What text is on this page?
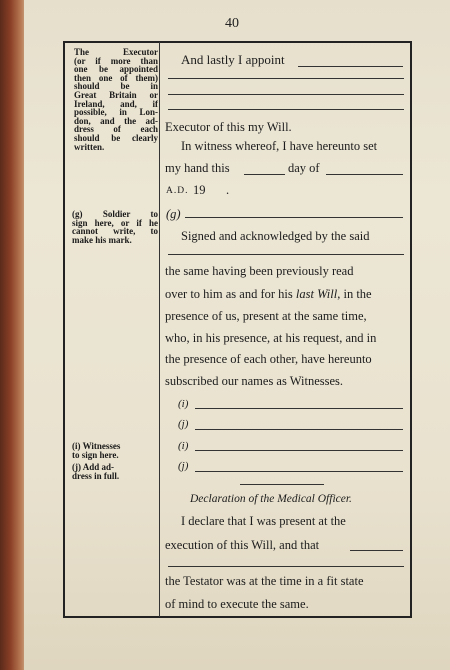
40
The Executor
(or if more than
one be appointed
then one of them)
should be in
Great Britain or
Ireland, and, if
possible, in Lon-
don, and the ad-
dress of each
should be clearly
written.
(g) Soldier to
sign here, or if he
cannot write, to
make his mark.
(i) Witnesses
to sign here.
(j) Add ad-
dress in full.
And lastly I appoint
Executor of this my Will.
In witness whereof, I have hereunto set
my hand this	day of
A.D. 19 .
(g)
Signed and acknowledged by the said
the same having been previously read
over to him as and for his last Will, in the
presence of us, present at the same time,
who, in his presence, at his request, and in
the presence of each other, have hereunto
subscribed our names as Witnesses.
(i)
(j)
(i)
(j)
Declaration of the Medical Officer.
I declare that I was present at the
execution of this Will, and that
the Testator was at the time in a fit state
of mind to execute the same.
